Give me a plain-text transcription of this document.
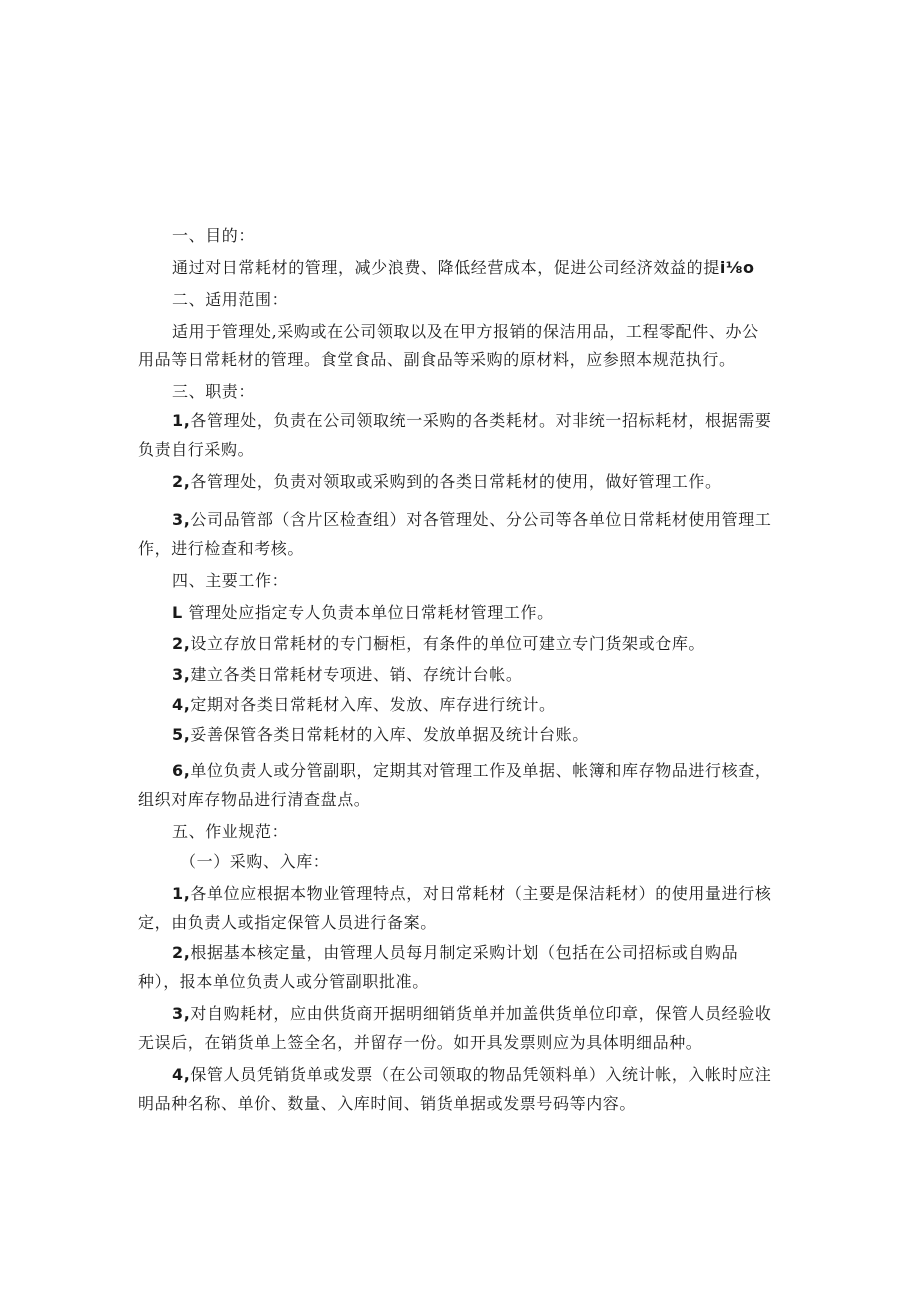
一、目的：
通过对日常耗材的管理，减少浪费、降低经营成本，促进公司经济效益的提i⅛o
二、适用范围：
适用于管理处,采购或在公司领取以及在甲方报销的保洁用品，工程零配件、办公
用品等日常耗材的管理。食堂食品、副食品等采购的原材料，应参照本规范执行。
三、职责：
1,各管理处，负责在公司领取统一采购的各类耗材。对非统一招标耗材，根据需要
负责自行采购。
2,各管理处，负责对领取或采购到的各类日常耗材的使用，做好管理工作。
3,公司品管部（含片区检查组）对各管理处、分公司等各单位日常耗材使用管理工
作，进行检查和考核。
四、主要工作：
L 管理处应指定专人负责本单位日常耗材管理工作。
2,设立存放日常耗材的专门橱柜，有条件的单位可建立专门货架或仓库。
3,建立各类日常耗材专项进、销、存统计台帐。
4,定期对各类日常耗材入库、发放、库存进行统计。
5,妥善保管各类日常耗材的入库、发放单据及统计台账。
6,单位负责人或分管副职，定期其对管理工作及单据、帐簿和库存物品进行核查，
组织对库存物品进行清查盘点。
五、作业规范：
（一）采购、入库：
1,各单位应根据本物业管理特点，对日常耗材（主要是保洁耗材）的使用量进行核
定，由负责人或指定保管人员进行备案。
2,根据基本核定量，由管理人员每月制定采购计划（包括在公司招标或自购品
种），报本单位负责人或分管副职批准。
3,对自购耗材，应由供货商开据明细销货单并加盖供货单位印章，保管人员经验收
无误后，在销货单上签全名，并留存一份。如开具发票则应为具体明细品种。
4,保管人员凭销货单或发票（在公司领取的物品凭领料单）入统计帐，入帐时应注
明品种名称、单价、数量、入库时间、销货单据或发票号码等内容。
